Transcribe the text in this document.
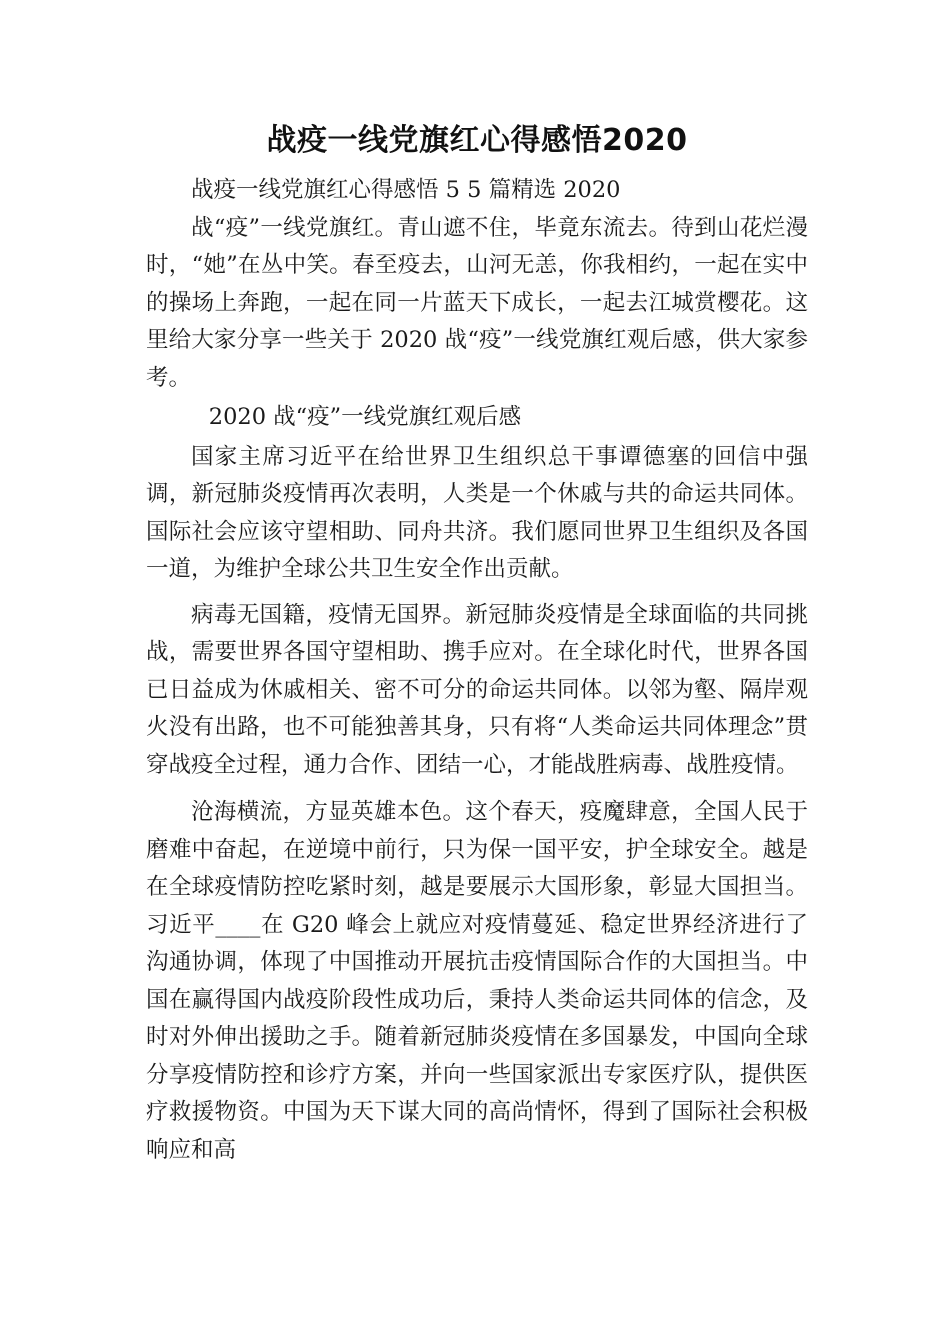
战疫一线党旗红心得感悟2020

战疫一线党旗红心得感悟 5 5 篇精选 2020

战“疫”一线党旗红。青山遮不住，毕竟东流去。待到山花烂漫时，“她”在丛中笑。春至疫去，山河无恙，你我相约，一起在实中的操场上奔跑，一起在同一片蓝天下成长，一起去江城赏樱花。这里给大家分享一些关于 2020 战“疫”一线党旗红观后感，供大家参考。

2020 战“疫”一线党旗红观后感

国家主席习近平在给世界卫生组织总干事谭德塞的回信中强调，新冠肺炎疫情再次表明，人类是一个休戚与共的命运共同体。国际社会应该守望相助、同舟共济。我们愿同世界卫生组织及各国一道，为维护全球公共卫生安全作出贡献。

病毒无国籍，疫情无国界。新冠肺炎疫情是全球面临的共同挑战，需要世界各国守望相助、携手应对。在全球化时代，世界各国已日益成为休戚相关、密不可分的命运共同体。以邻为壑、隔岸观火没有出路，也不可能独善其身，只有将“人类命运共同体理念”贯穿战疫全过程，通力合作、团结一心，才能战胜病毒、战胜疫情。

沧海横流，方显英雄本色。这个春天，疫魔肆意，全国人民于磨难中奋起，在逆境中前行，只为保一国平安，护全球安全。越是在全球疫情防控吃紧时刻，越是要展示大国形象，彰显大国担当。习近平____在 G20 峰会上就应对疫情蔓延、稳定世界经济进行了沟通协调，体现了中国推动开展抗击疫情国际合作的大国担当。中国在赢得国内战疫阶段性成功后，秉持人类命运共同体的信念，及时对外伸出援助之手。随着新冠肺炎疫情在多国暴发，中国向全球分享疫情防控和诊疗方案，并向一些国家派出专家医疗队，提供医疗救援物资。中国为天下谋大同的高尚情怀，得到了国际社会积极响应和高
